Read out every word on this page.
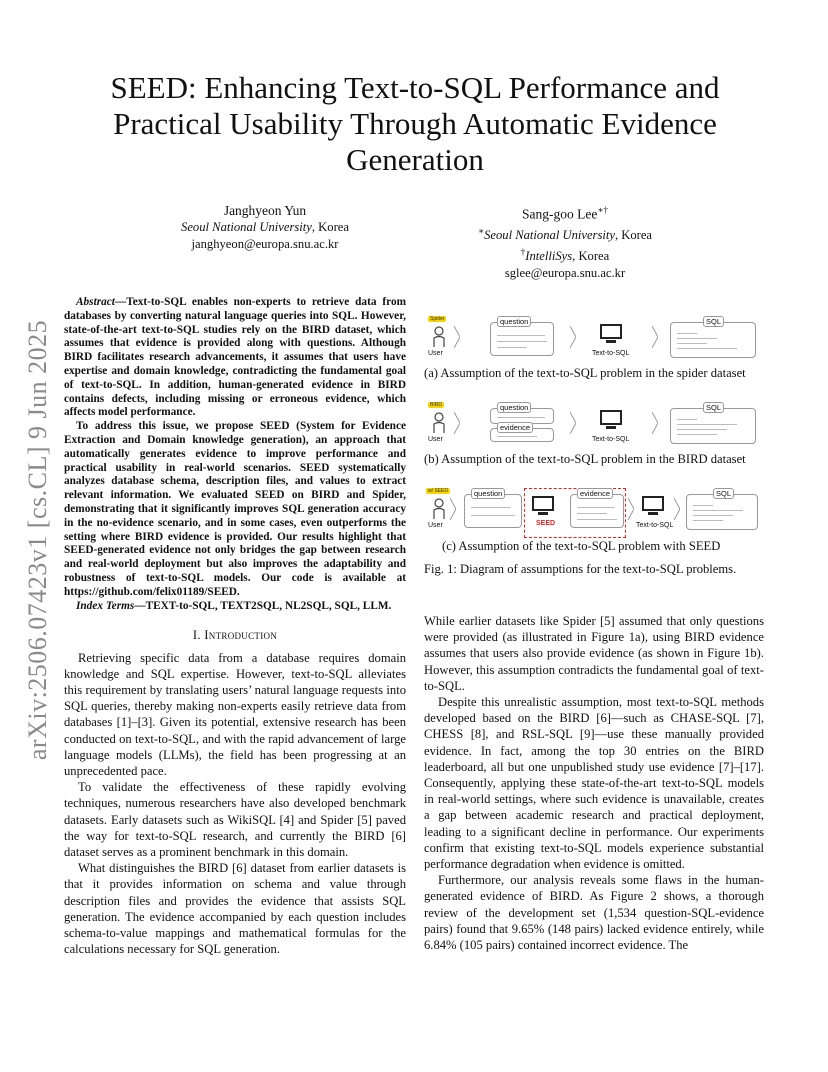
arXiv:2506.07423v1 [cs.CL] 9 Jun 2025
SEED: Enhancing Text-to-SQL Performance and Practical Usability Through Automatic Evidence Generation
Janghyeon Yun
Seoul National University, Korea
janghyeon@europa.snu.ac.kr
Sang-goo Lee∗†
∗Seoul National University, Korea
†IntelliSys, Korea
sglee@europa.snu.ac.kr

Abstract—Text-to-SQL enables non-experts to retrieve data from databases by converting natural language queries into SQL. However, state-of-the-art text-to-SQL studies rely on the BIRD dataset, which assumes that evidence is provided along with questions. Although BIRD facilitates research advancements, it assumes that users have expertise and domain knowledge, contradicting the fundamental goal of text-to-SQL. In addition, human-generated evidence in BIRD contains defects, including missing or erroneous evidence, which affects model performance.

To address this issue, we propose SEED (System for Evidence Extraction and Domain knowledge generation), an approach that automatically generates evidence to improve performance and practical usability in real-world scenarios. SEED systematically analyzes database schema, description files, and values to extract relevant information. We evaluated SEED on BIRD and Spider, demonstrating that it significantly improves SQL generation accuracy in the no-evidence scenario, and in some cases, even outperforms the setting where BIRD evidence is provided. Our results highlight that SEED-generated evidence not only bridges the gap between research and real-world deployment but also improves the adaptability and robustness of text-to-SQL models. Our code is available at https://github.com/felix01189/SEED.

Index Terms—TEXT-to-SQL, TEXT2SQL, NL2SQL, SQL, LLM.

I. Introduction

Retrieving specific data from a database requires domain knowledge and SQL expertise. However, text-to-SQL alleviates this requirement by translating users’ natural language requests into SQL queries, thereby making non-experts easily retrieve data from databases [1]–[3]. Given its potential, extensive research has been conducted on text-to-SQL, and with the rapid advancement of large language models (LLMs), the field has been progressing at an unprecedented pace.

To validate the effectiveness of these rapidly evolving techniques, numerous researchers have also developed benchmark datasets. Early datasets such as WikiSQL [4] and Spider [5] paved the way for text-to-SQL research, and currently the BIRD [6] dataset serves as a prominent benchmark in this domain.

What distinguishes the BIRD [6] dataset from earlier datasets is that it provides information on schema and value through description files and provides the evidence that assists SQL generation. The evidence accompanied by each question includes schema-to-value mappings and mathematical formulas for the calculations necessary for SQL generation.

Spider
User
question
Text-to-SQL
SQL
(a) Assumption of the text-to-SQL problem in the spider dataset
BIRD
User
question
evidence
Text-to-SQL
SQL
(b) Assumption of the text-to-SQL problem in the BIRD dataset
w/ SEED
User
question
SEED
evidence
Text-to-SQL
SQL
(c) Assumption of the text-to-SQL problem with SEED
Fig. 1: Diagram of assumptions for the text-to-SQL problems.

While earlier datasets like Spider [5] assumed that only questions were provided (as illustrated in Figure 1a), using BIRD evidence assumes that users also provide evidence (as shown in Figure 1b). However, this assumption contradicts the fundamental goal of text-to-SQL.

Despite this unrealistic assumption, most text-to-SQL methods developed based on the BIRD [6]—such as CHASE-SQL [7], CHESS [8], and RSL-SQL [9]—use these manually provided evidence. In fact, among the top 30 entries on the BIRD leaderboard, all but one unpublished study use evidence [7]–[17]. Consequently, applying these state-of-the-art text-to-SQL models in real-world settings, where such evidence is unavailable, creates a gap between academic research and practical deployment, leading to a significant decline in performance. Our experiments confirm that existing text-to-SQL models experience substantial performance degradation when evidence is omitted.

Furthermore, our analysis reveals some flaws in the human-generated evidence of BIRD. As Figure 2 shows, a thorough review of the development set (1,534 question-SQL-evidence pairs) found that 9.65% (148 pairs) lacked evidence entirely, while 6.84% (105 pairs) contained incorrect evidence. The
